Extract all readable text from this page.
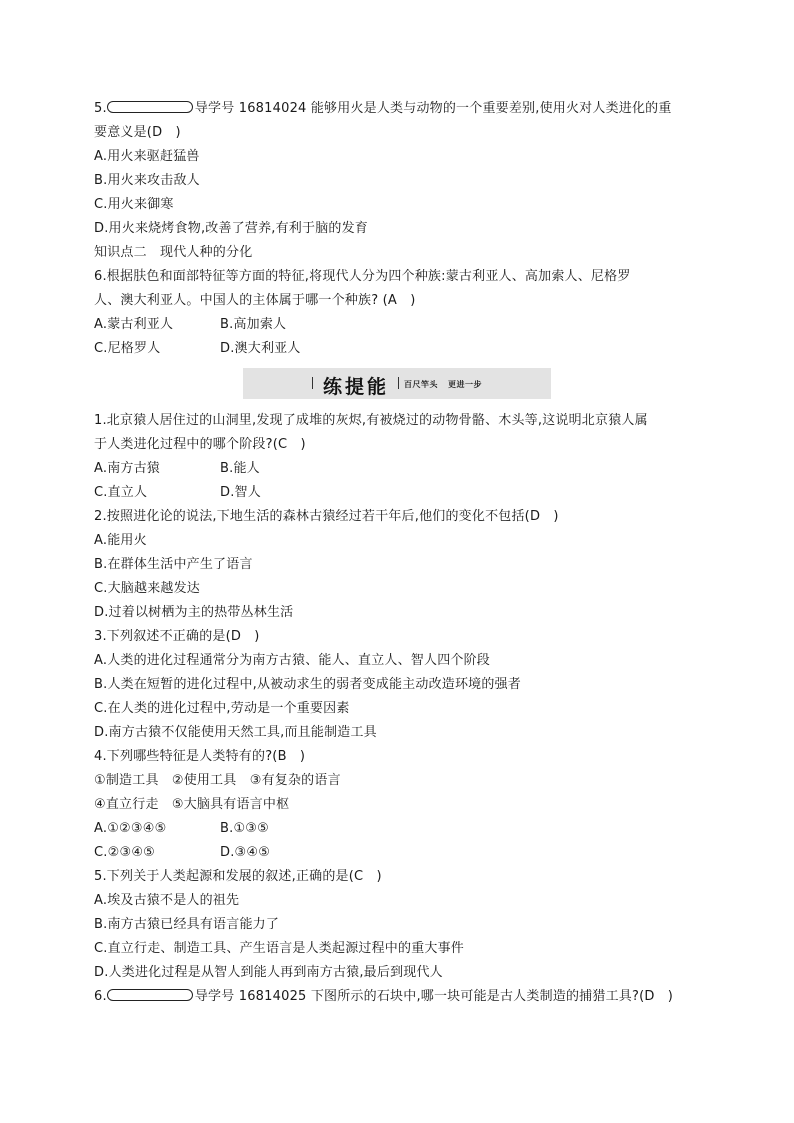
5.	导学号 16814024 能够用火是人类与动物的一个重要差别,使用火对人类进化的重
要意义是(D　)
A.用火来驱赶猛兽
B.用火来攻击敌人
C.用火来御寒
D.用火来烧烤食物,改善了营养,有利于脑的发育
知识点二　现代人种的分化
6.根据肤色和面部特征等方面的特征,将现代人分为四个种族:蒙古利亚人、高加索人、尼格罗
人、澳大利亚人。中国人的主体属于哪一个种族? (A　)
A.蒙古利亚人	B.高加索人
C.尼格罗人	D.澳大利亚人
练提能 百尺竿头 更进一步
1.北京猿人居住过的山洞里,发现了成堆的灰烬,有被烧过的动物骨骼、木头等,这说明北京猿人属
于人类进化过程中的哪个阶段?(C　)
A.南方古猿	B.能人
C.直立人	D.智人
2.按照进化论的说法,下地生活的森林古猿经过若干年后,他们的变化不包括(D　)
A.能用火
B.在群体生活中产生了语言
C.大脑越来越发达
D.过着以树栖为主的热带丛林生活
3.下列叙述不正确的是(D　)
A.人类的进化过程通常分为南方古猿、能人、直立人、智人四个阶段
B.人类在短暂的进化过程中,从被动求生的弱者变成能主动改造环境的强者
C.在人类的进化过程中,劳动是一个重要因素
D.南方古猿不仅能使用天然工具,而且能制造工具
4.下列哪些特征是人类特有的?(B　)
①制造工具　②使用工具　③有复杂的语言
④直立行走　⑤大脑具有语言中枢
A.①②③④⑤	B.①③⑤
C.②③④⑤	D.③④⑤
5.下列关于人类起源和发展的叙述,正确的是(C　)
A.埃及古猿不是人的祖先
B.南方古猿已经具有语言能力了
C.直立行走、制造工具、产生语言是人类起源过程中的重大事件
D.人类进化过程是从智人到能人再到南方古猿,最后到现代人
6.	导学号 16814025 下图所示的石块中,哪一块可能是古人类制造的捕猎工具?(D　)
